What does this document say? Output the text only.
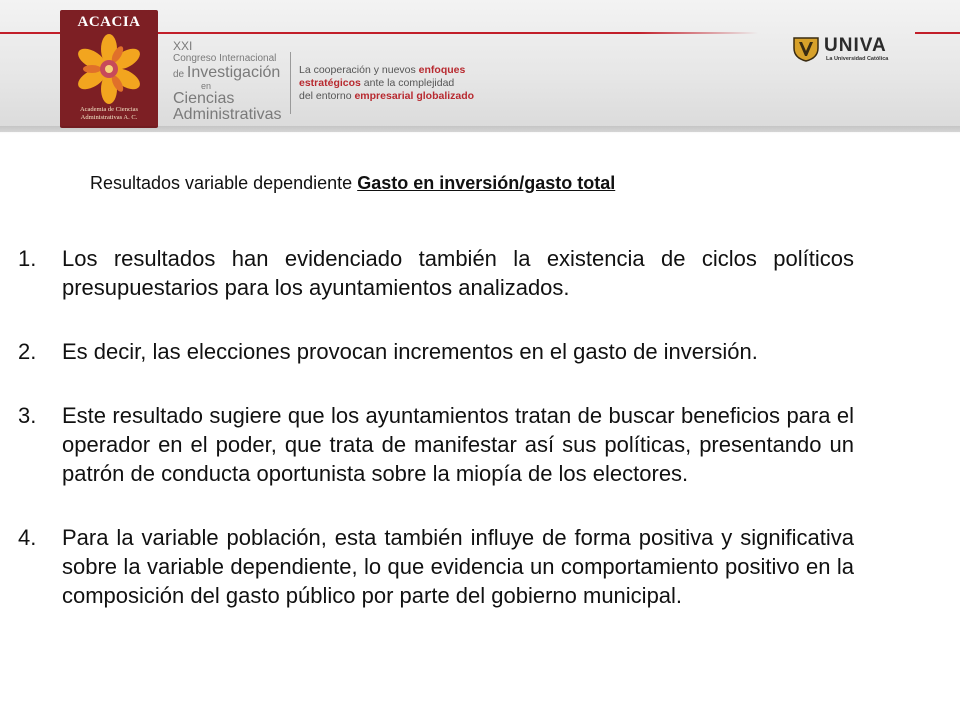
ACACIA
Academia de Ciencias
Administrativas A. C.
XXI
Congreso Internacional
de Investigación
en
Ciencias
Administrativas
La cooperación y nuevos enfoques
estratégicos ante la complejidad
del entorno empresarial globalizado
UNIVA
La Universidad Católica
Resultados variable dependiente Gasto en inversión/gasto total
1. Los resultados han evidenciado también la existencia de ciclos políticos presupuestarios para los ayuntamientos analizados.
2. Es decir, las elecciones provocan incrementos en el gasto de inversión.
3. Este resultado sugiere que los ayuntamientos tratan de buscar beneficios para el operador en el poder, que trata de manifestar así sus políticas, presentando un patrón de conducta oportunista sobre la miopía de los electores.
4. Para la variable población, esta también influye de forma positiva y significativa sobre la variable dependiente, lo que evidencia un comportamiento positivo en la composición del gasto público por parte del gobierno municipal.
